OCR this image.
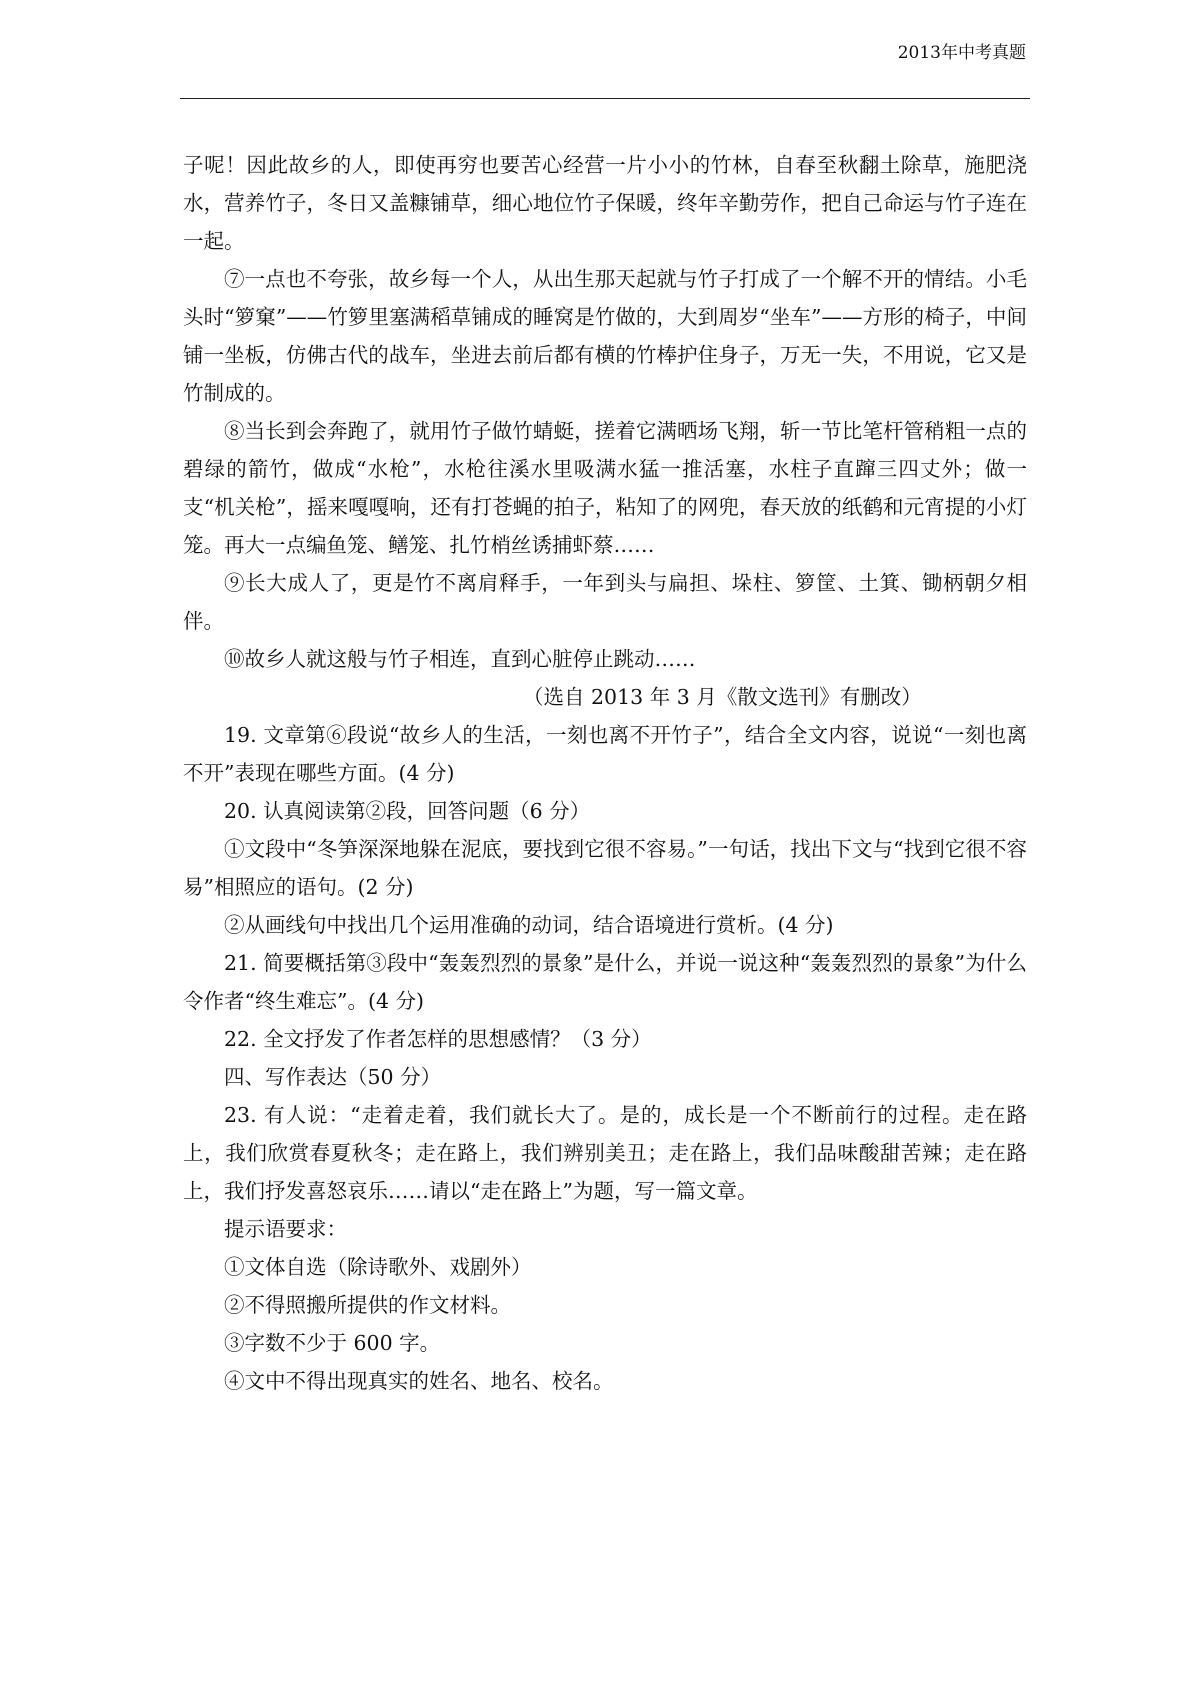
2013年中考真题

子呢！因此故乡的人，即使再穷也要苦心经营一片小小的竹林，自春至秋翻土除草，施肥浇水，营养竹子，冬日又盖糠铺草，细心地位竹子保暖，终年辛勤劳作，把自己命运与竹子连在一起。

⑦一点也不夸张，故乡每一个人，从出生那天起就与竹子打成了一个解不开的情结。小毛头时“箩窠”——竹箩里塞满稻草铺成的睡窝是竹做的，大到周岁“坐车”——方形的椅子，中间铺一坐板，仿佛古代的战车，坐进去前后都有横的竹棒护住身子，万无一失，不用说，它又是竹制成的。

⑧当长到会奔跑了，就用竹子做竹蜻蜓，搓着它满晒场飞翔，斩一节比笔杆管稍粗一点的碧绿的箭竹，做成“水枪”，水枪往溪水里吸满水猛一推活塞，水柱子直蹿三四丈外；做一支“机关枪”，摇来嘎嘎响，还有打苍蝇的拍子，粘知了的网兜，春天放的纸鹤和元宵提的小灯笼。再大一点编鱼笼、鳝笼、扎竹梢丝诱捕虾蔡……

⑨长大成人了，更是竹不离肩释手，一年到头与扁担、垛柱、箩筐、土箕、锄柄朝夕相伴。

⑩故乡人就这般与竹子相连，直到心脏停止跳动……

（选自 2013 年 3 月《散文选刊》有删改）

19. 文章第⑥段说“故乡人的生活，一刻也离不开竹子”，结合全文内容，说说“一刻也离不开”表现在哪些方面。(4 分)

20. 认真阅读第②段，回答问题（6 分）

①文段中“冬笋深深地躲在泥底，要找到它很不容易。”一句话，找出下文与“找到它很不容易”相照应的语句。(2 分)

②从画线句中找出几个运用准确的动词，结合语境进行赏析。(4 分)

21. 简要概括第③段中“轰轰烈烈的景象”是什么，并说一说这种“轰轰烈烈的景象”为什么令作者“终生难忘”。(4 分)

22. 全文抒发了作者怎样的思想感情？（3 分）

四、写作表达（50 分）

23. 有人说：“走着走着，我们就长大了。是的，成长是一个不断前行的过程。走在路上，我们欣赏春夏秋冬；走在路上，我们辨别美丑；走在路上，我们品味酸甜苦辣；走在路上，我们抒发喜怒哀乐……请以“走在路上”为题，写一篇文章。

提示语要求：

①文体自选（除诗歌外、戏剧外）

②不得照搬所提供的作文材料。

③字数不少于 600 字。

④文中不得出现真实的姓名、地名、校名。
